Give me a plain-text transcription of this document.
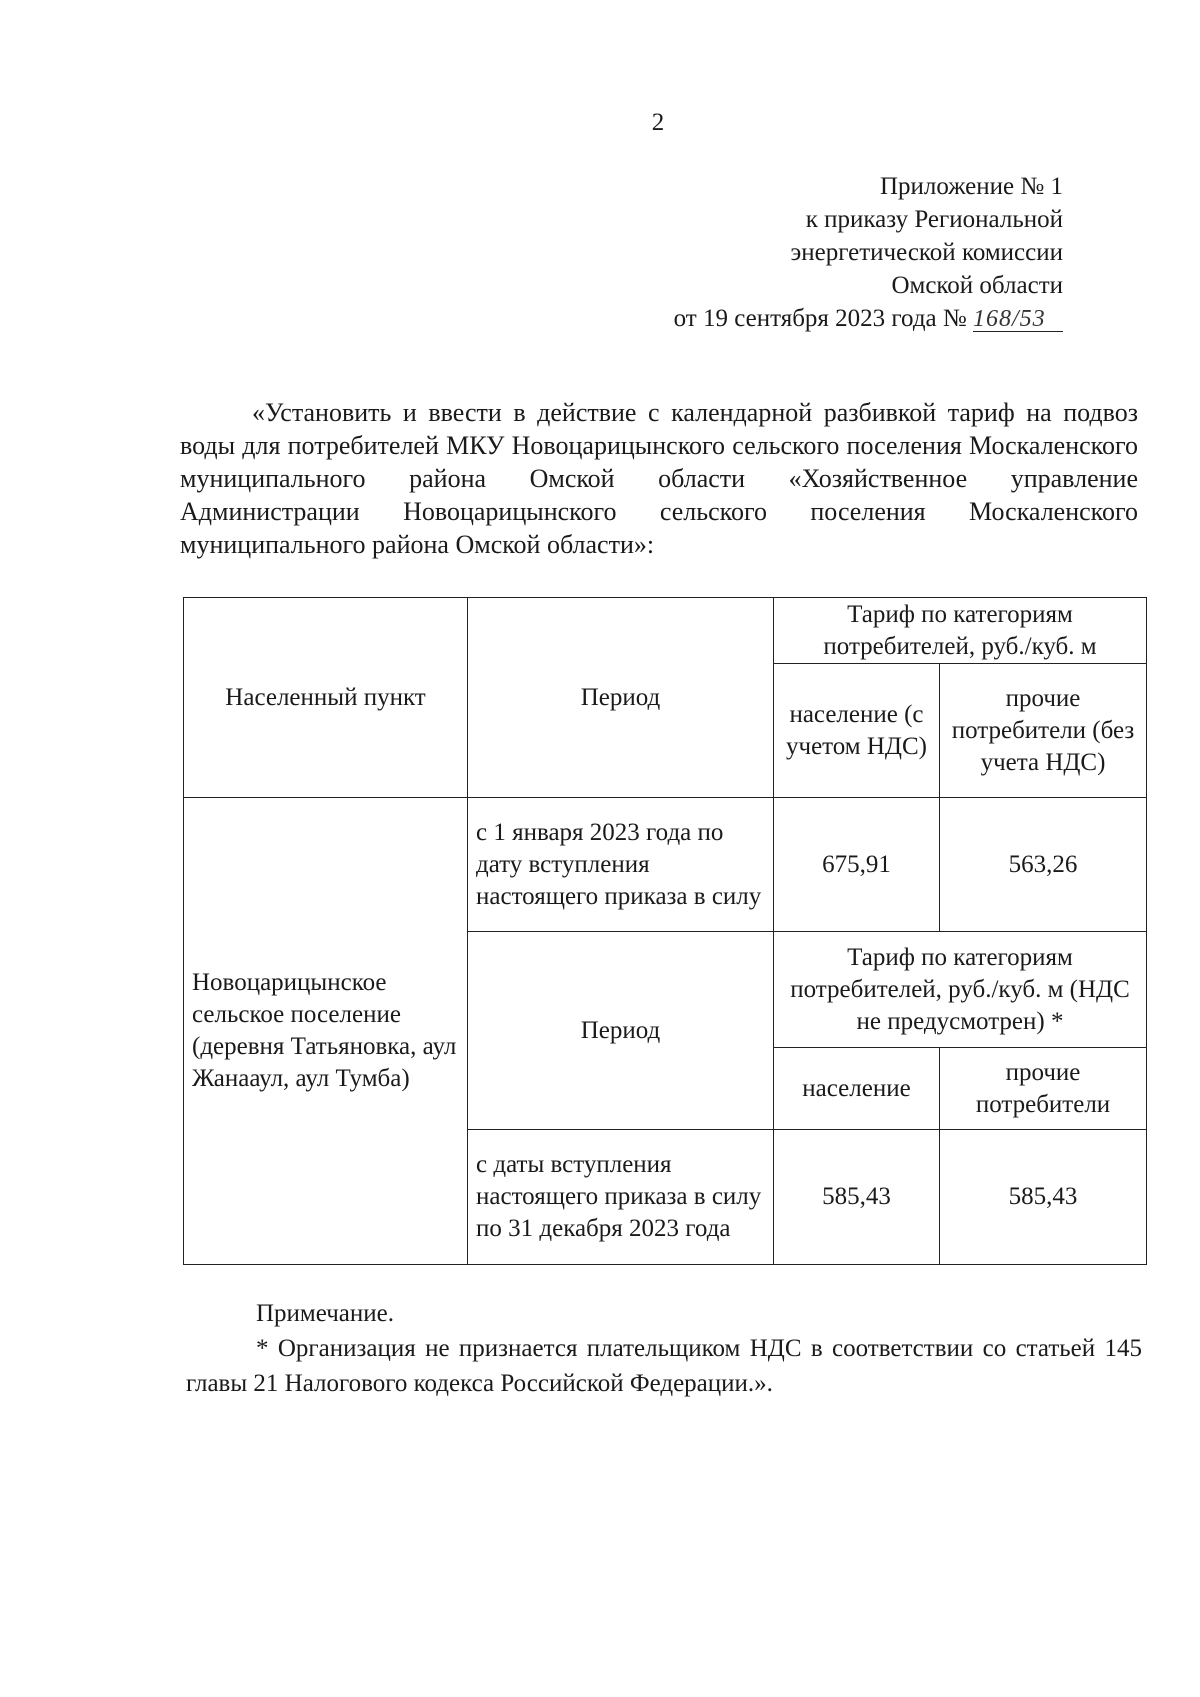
2
Приложение № 1
к приказу Региональной
энергетической комиссии
Омской области
от 19 сентября 2023 года № 168/53

«Установить и ввести в действие с календарной разбивкой тариф на подвоз воды для потребителей МКУ Новоцарицынского сельского поселения Москаленского муниципального района Омской области «Хозяйственное управление Администрации Новоцарицынского сельского поселения Москаленского муниципального района Омской области»:

Населенный пункт	Период	Тариф по категориям потребителей, руб./куб. м	
		население (с учетом НДС)	прочие потребители (без учета НДС)
Новоцарицынское сельское поселение (деревня Татьяновка, аул Жанааул, аул Тумба)	с 1 января 2023 года по дату вступления настоящего приказа в силу	675,91	563,26
	Период	Тариф по категориям потребителей, руб./куб. м (НДС не предусмотрен) *	
		население	прочие потребители
	с даты вступления настоящего приказа в силу по 31 декабря 2023 года	585,43	585,43

Примечание.

* Организация не признается плательщиком НДС в соответствии со статьей 145 главы 21 Налогового кодекса Российской Федерации.».
